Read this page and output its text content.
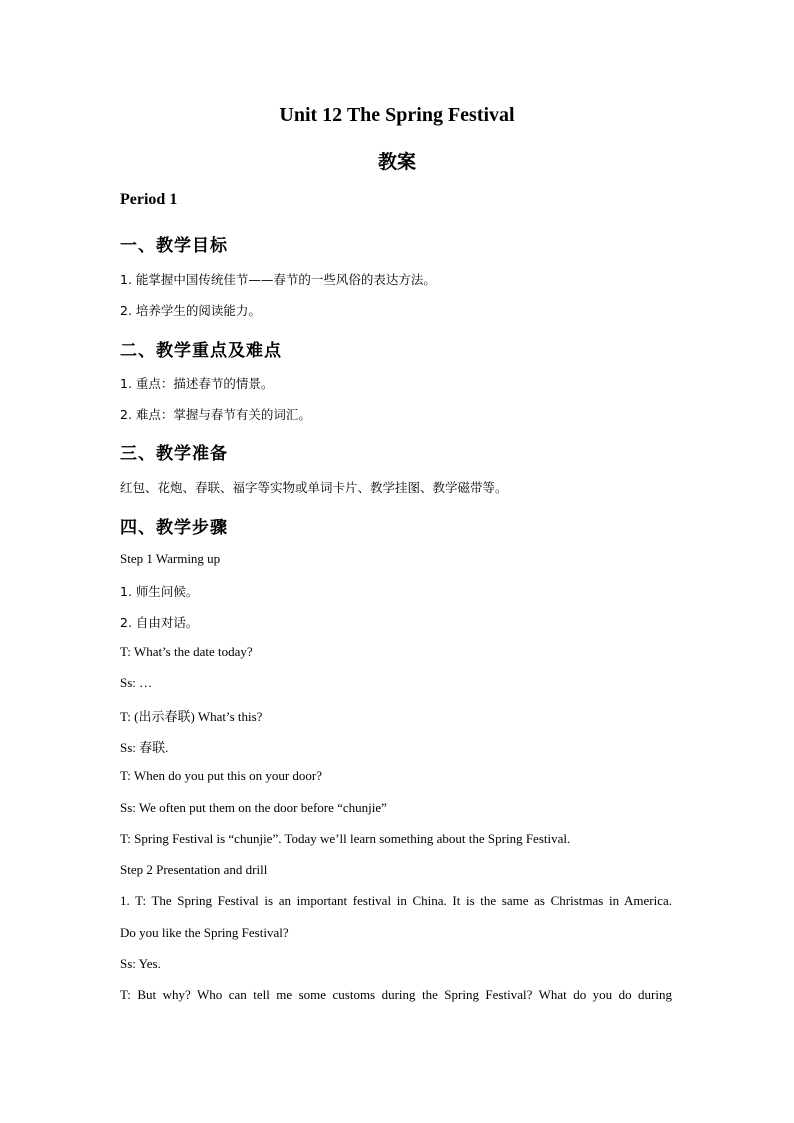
Unit 12 The Spring Festival
教案
Period 1
一、教学目标
1. 能掌握中国传统佳节——春节的一些风俗的表达方法。
2. 培养学生的阅读能力。
二、教学重点及难点
1. 重点：描述春节的情景。
2. 难点：掌握与春节有关的词汇。
三、教学准备
红包、花炮、春联、福字等实物或单词卡片、教学挂图、教学磁带等。
四、教学步骤
Step 1 Warming up
1. 师生问候。
2. 自由对话。
T: What’s the date today?
Ss: …
T: (出示春联) What’s this?
Ss: 春联.
T: When do you put this on your door?
Ss: We often put them on the door before “chunjie”
T: Spring Festival is “chunjie”. Today we’ll learn something about the Spring Festival.
Step 2 Presentation and drill
1. T: The Spring Festival is an important festival in China. It is the same as Christmas in America.
Do you like the Spring Festival?
Ss: Yes.
T: But why? Who can tell me some customs during the Spring Festival? What do you do during
